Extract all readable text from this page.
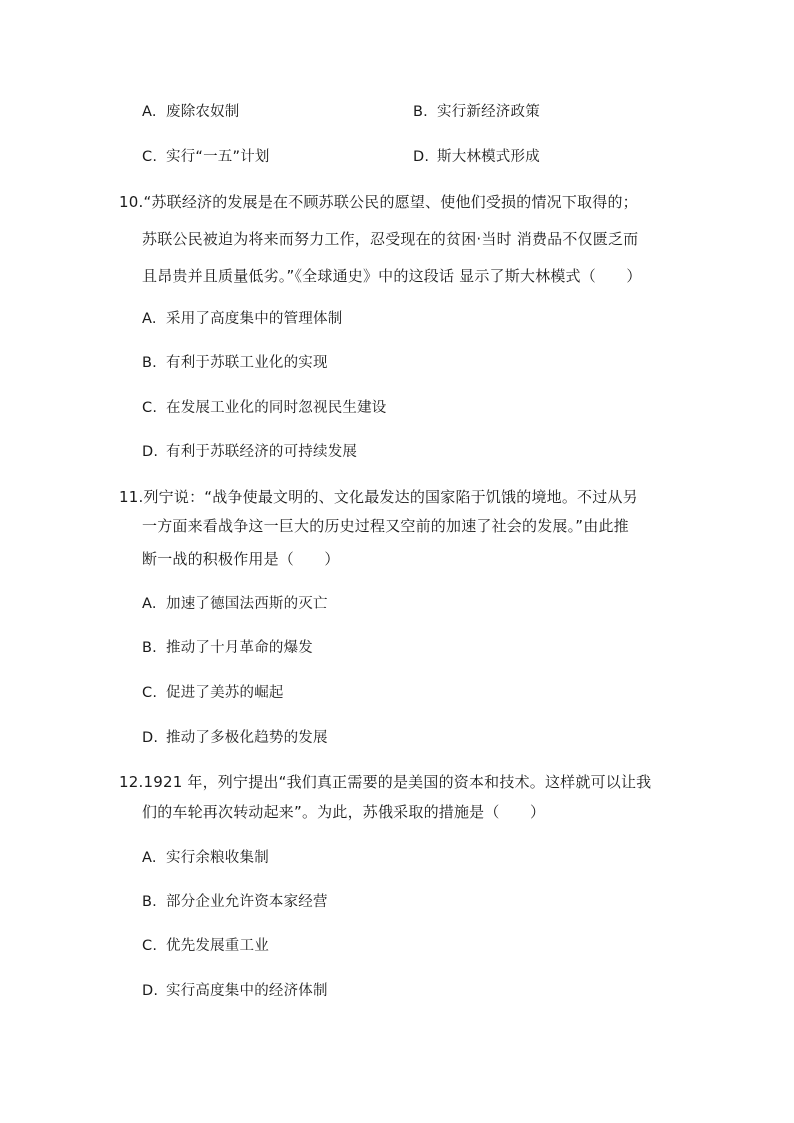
A. 废除农奴制	B. 实行新经济政策
C. 实行“一五”计划	D. 斯大林模式形成
10.“苏联经济的发展是在不顾苏联公民的愿望、使他们受损的情况下取得的；
苏联公民被迫为将来而努力工作，忍受现在的贫困·当时 消费品不仅匮乏而
且昂贵并且质量低劣。”《全球通史》中的这段话 显示了斯大林模式（　　）
A. 采用了高度集中的管理体制
B. 有利于苏联工业化的实现
C. 在发展工业化的同时忽视民生建设
D. 有利于苏联经济的可持续发展
11.列宁说：“战争使最文明的、文化最发达的国家陷于饥饿的境地。不过从另
一方面来看战争这一巨大的历史过程又空前的加速了社会的发展。”由此推
断一战的积极作用是（　　）
A. 加速了德国法西斯的灭亡
B. 推动了十月革命的爆发
C. 促进了美苏的崛起
D. 推动了多极化趋势的发展
12.1921 年，列宁提出“我们真正需要的是美国的资本和技术。这样就可以让我
们的车轮再次转动起来”。为此，苏俄采取的措施是（　　）
A. 实行余粮收集制
B. 部分企业允许资本家经营
C. 优先发展重工业
D. 实行高度集中的经济体制
